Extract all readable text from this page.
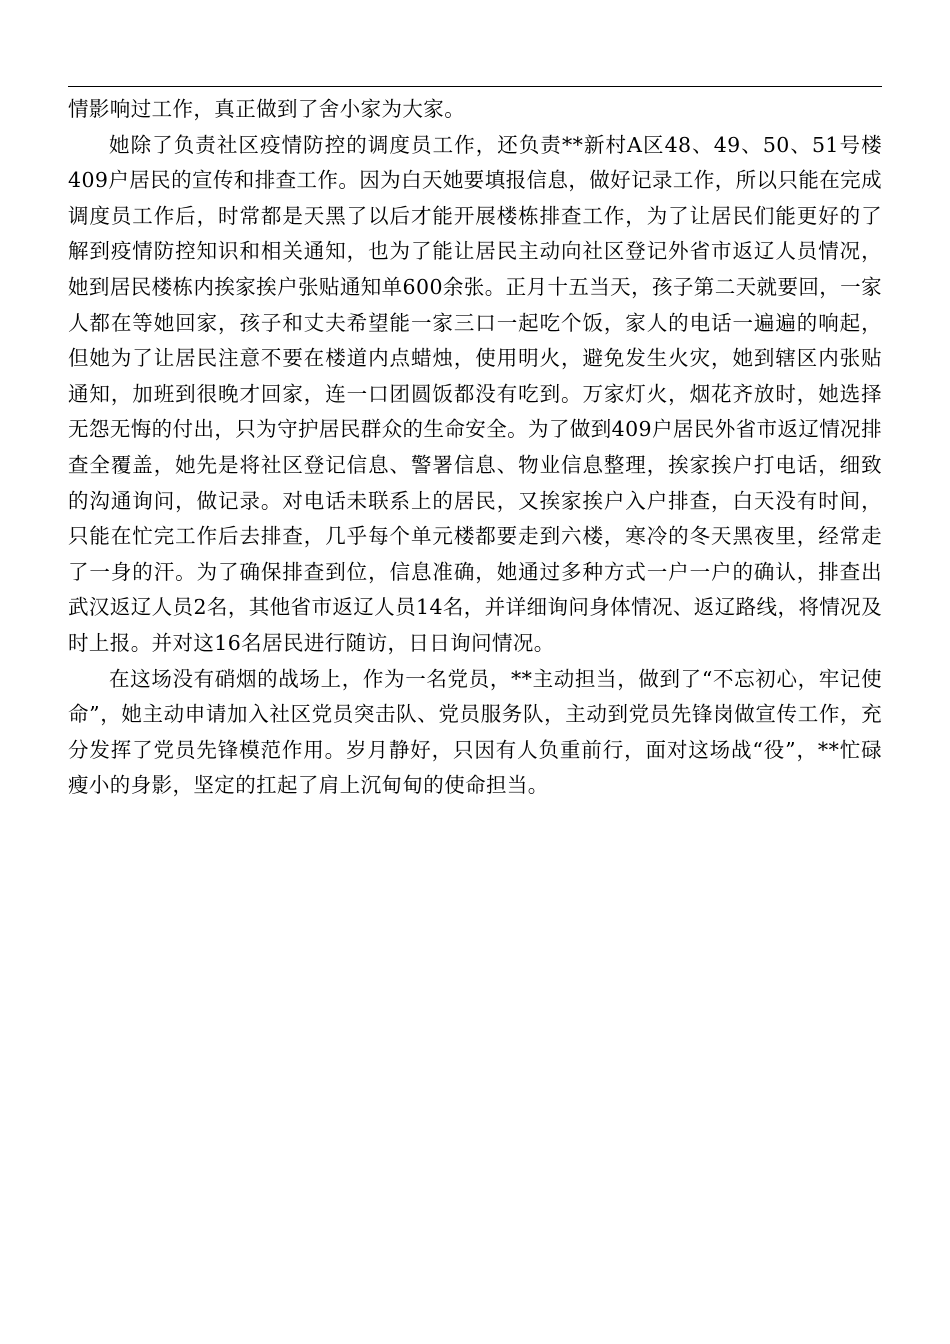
情影响过工作，真正做到了舍小家为大家。

她除了负责社区疫情防控的调度员工作，还负责**新村A区48、49、50、51号楼409户居民的宣传和排查工作。因为白天她要填报信息，做好记录工作，所以只能在完成调度员工作后，时常都是天黑了以后才能开展楼栋排查工作，为了让居民们能更好的了解到疫情防控知识和相关通知，也为了能让居民主动向社区登记外省市返辽人员情况，她到居民楼栋内挨家挨户张贴通知单600余张。正月十五当天，孩子第二天就要回，一家人都在等她回家，孩子和丈夫希望能一家三口一起吃个饭，家人的电话一遍遍的响起，但她为了让居民注意不要在楼道内点蜡烛，使用明火，避免发生火灾，她到辖区内张贴通知，加班到很晚才回家，连一口团圆饭都没有吃到。万家灯火，烟花齐放时，她选择无怨无悔的付出，只为守护居民群众的生命安全。为了做到409户居民外省市返辽情况排查全覆盖，她先是将社区登记信息、警署信息、物业信息整理，挨家挨户打电话，细致的沟通询问，做记录。对电话未联系上的居民，又挨家挨户入户排查，白天没有时间，只能在忙完工作后去排查，几乎每个单元楼都要走到六楼，寒冷的冬天黑夜里，经常走了一身的汗。为了确保排查到位，信息准确，她通过多种方式一户一户的确认，排查出武汉返辽人员2名，其他省市返辽人员14名，并详细询问身体情况、返辽路线，将情况及时上报。并对这16名居民进行随访，日日询问情况。

在这场没有硝烟的战场上，作为一名党员，**主动担当，做到了“不忘初心，牢记使命”，她主动申请加入社区党员突击队、党员服务队，主动到党员先锋岗做宣传工作，充分发挥了党员先锋模范作用。岁月静好，只因有人负重前行，面对这场战“役”，**忙碌瘦小的身影，坚定的扛起了肩上沉甸甸的使命担当。
